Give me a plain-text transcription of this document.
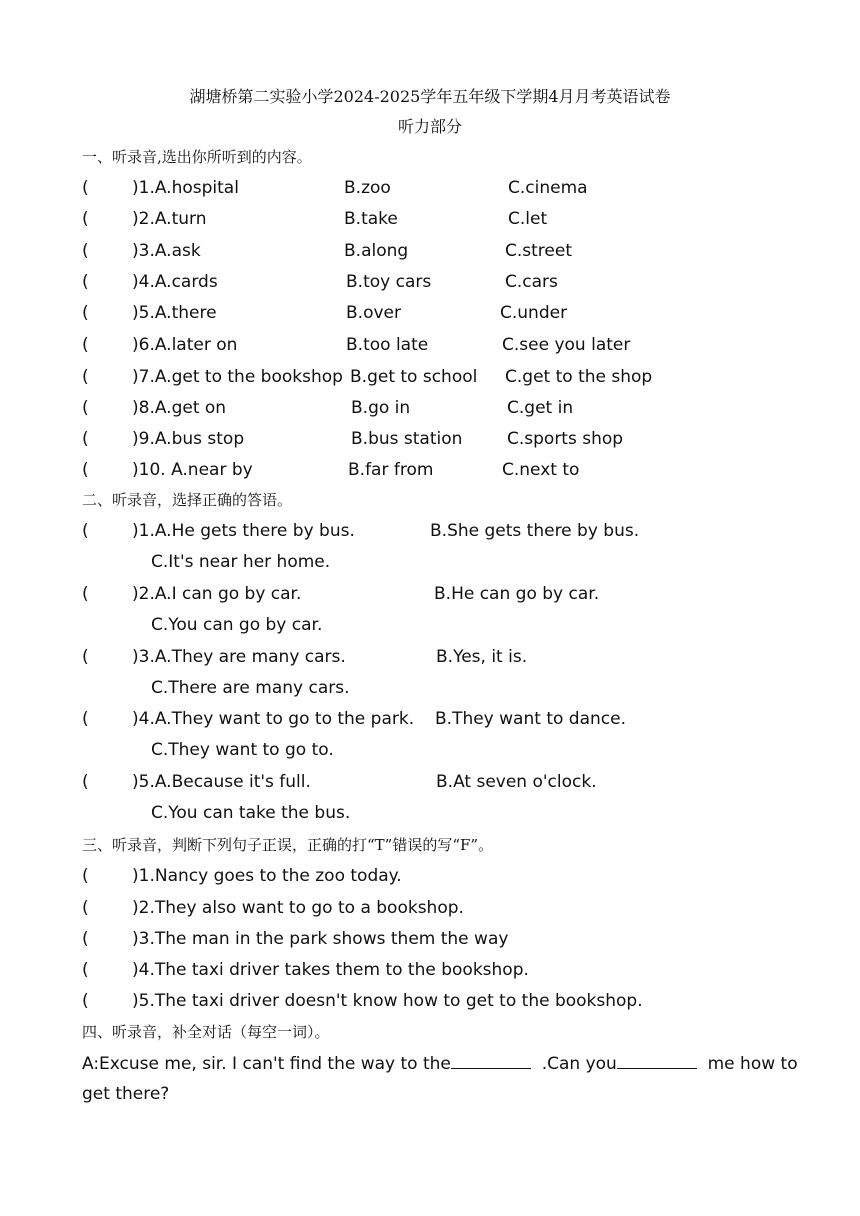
湖塘桥第二实验小学2024-2025学年五年级下学期4月月考英语试卷
听力部分
一、听录音,选出你所听到的内容。
(	)1.A.hospital	B.zoo	C.cinema
(	)2.A.turn	B.take	C.let
(	)3.A.ask	B.along	C.street
(	)4.A.cards	B.toy cars	C.cars
(	)5.A.there	B.over	C.under
(	)6.A.later on	B.too late	C.see you later
(	)7.A.get to the bookshop B.get to school C.get to the shop
(	)8.A.get on	B.go in	C.get in
(	)9.A.bus stop	B.bus station	C.sports shop
(	)10. A.near by	B.far from	C.next to
二、听录音，选择正确的答语。
(	)1.A.He gets there by bus.	B.She gets there by bus.
C.It's near her home.
(	)2.A.I can go by car.	B.He can go by car.
C.You can go by car.
(	)3.A.They are many cars.	B.Yes, it is.
C.There are many cars.
(	)4.A.They want to go to the park. B.They want to dance.
C.They want to go to.
(	)5.A.Because it's full.	B.At seven o'clock.
C.You can take the bus.
三、听录音，判断下列句子正误，正确的打“T”错误的写“F”。
(	)1.Nancy goes to the zoo today.
(	)2.They also want to go to a bookshop.
(	)3.The man in the park shows them the way
(	)4.The taxi driver takes them to the bookshop.
(	)5.The taxi driver doesn't know how to get to the bookshop.
四、听录音，补全对话（每空一词）。
A:Excuse me, sir. I can't find the way to the	.Can you	me how to
get there?
